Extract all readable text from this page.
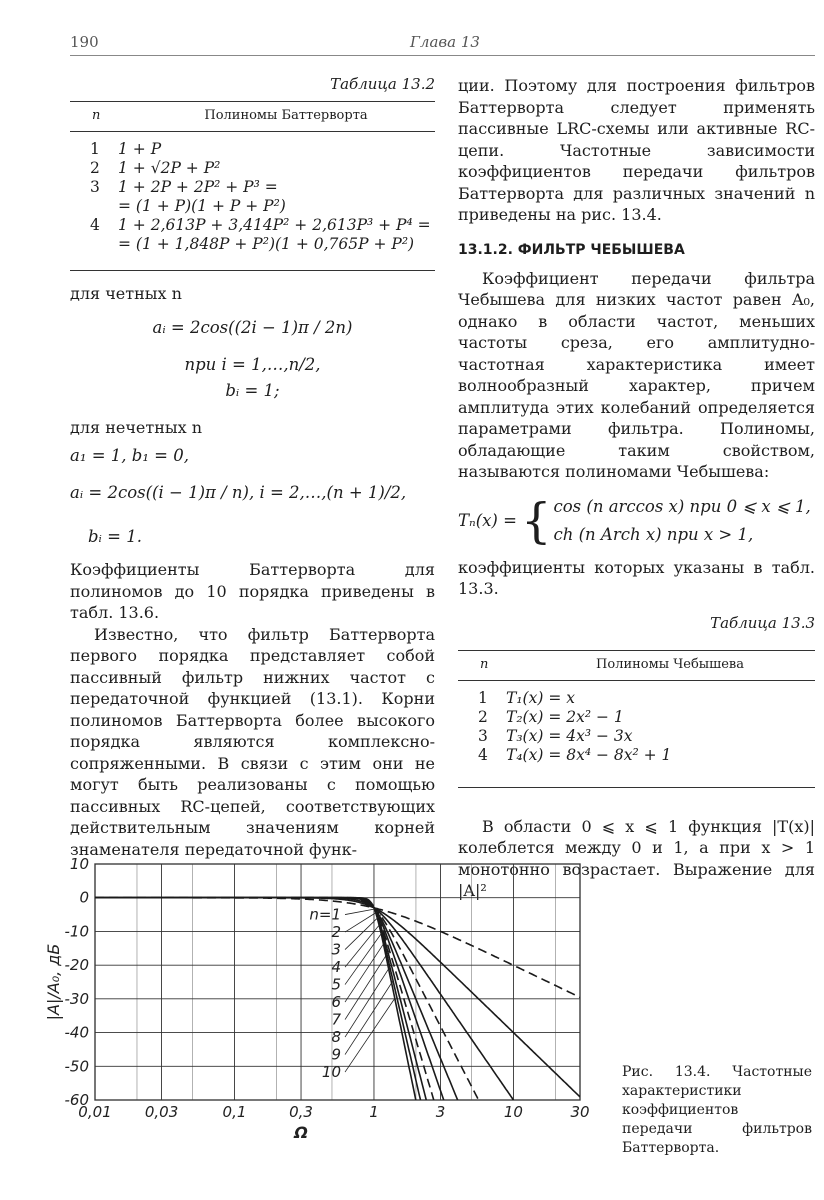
190	Глава 13
Таблица 13.2
n	Полиномы Баттерворта
1	1 + P
2	1 + √2P + P²
3	1 + 2P + 2P² + P³ =
= (1 + P)(1 + P + P²)
4	1 + 2,613P + 3,414P² + 2,613P³ + P⁴ =
= (1 + 1,848P + P²)(1 + 0,765P + P²)

для четных n

aᵢ = 2cos((2i − 1)π / 2n)

при i = 1,…,n/2,

bᵢ = 1;

для нечетных n

a₁ = 1, b₁ = 0,

aᵢ = 2cos((i − 1)π / n), i = 2,…,(n + 1)/2,

bᵢ = 1.

Коэффициенты Баттерворта для полиномов до 10 порядка приведены в табл. 13.6.

Известно, что фильтр Баттерворта первого порядка представляет собой пассивный фильтр нижних частот с передаточной функцией (13.1). Корни полиномов Баттерворта более высокого порядка являются комплексно-сопряженными. В связи с этим они не могут быть реализованы с помощью пассивных RC-цепей, соответствующих действительным значениям корней знаменателя передаточной функ-

ции. Поэтому для построения фильтров Баттерворта следует применять пассивные LRC-схемы или активные RC-цепи. Частотные зависимости коэффициентов передачи фильтров Баттерворта для различных значений n приведены на рис. 13.4.

13.1.2. ФИЛЬТР ЧЕБЫШЕВА

Коэффициент передачи фильтра Чебышева для низких частот равен A₀, однако в области частот, меньших частоты среза, его амплитудно-частотная характеристика имеет волнообразный характер, причем амплитуда этих колебаний определяется параметрами фильтра. Полиномы, обладающие таким свойством, называются полиномами Чебышева:

Tₙ(x) = { cos (n arccos x) при 0 ⩽ x ⩽ 1,
ch (n Arch x) при x > 1,

коэффициенты которых указаны в табл. 13.3.

Таблица 13.3
n	Полиномы Чебышева
1	T₁(x) = x
2	T₂(x) = 2x² − 1
3	T₃(x) = 4x³ − 3x
4	T₄(x) = 8x⁴ − 8x² + 1

В области 0 ⩽ x ⩽ 1 функция |T(x)| колеблется между 0 и 1, а при x > 1 монотонно возрастает. Выражение для |A|²

0,01 0,03	0,1	0,3	1	3	10	30
10
0
-10
-20
-30
-40
-50
-60
Ω
|A|/A₀, дБ
n=1
2
3
4
5
6
7
8
9
10	Рис. 13.4. Частотные характеристики коэффициентов передачи фильтров Баттерворта.
